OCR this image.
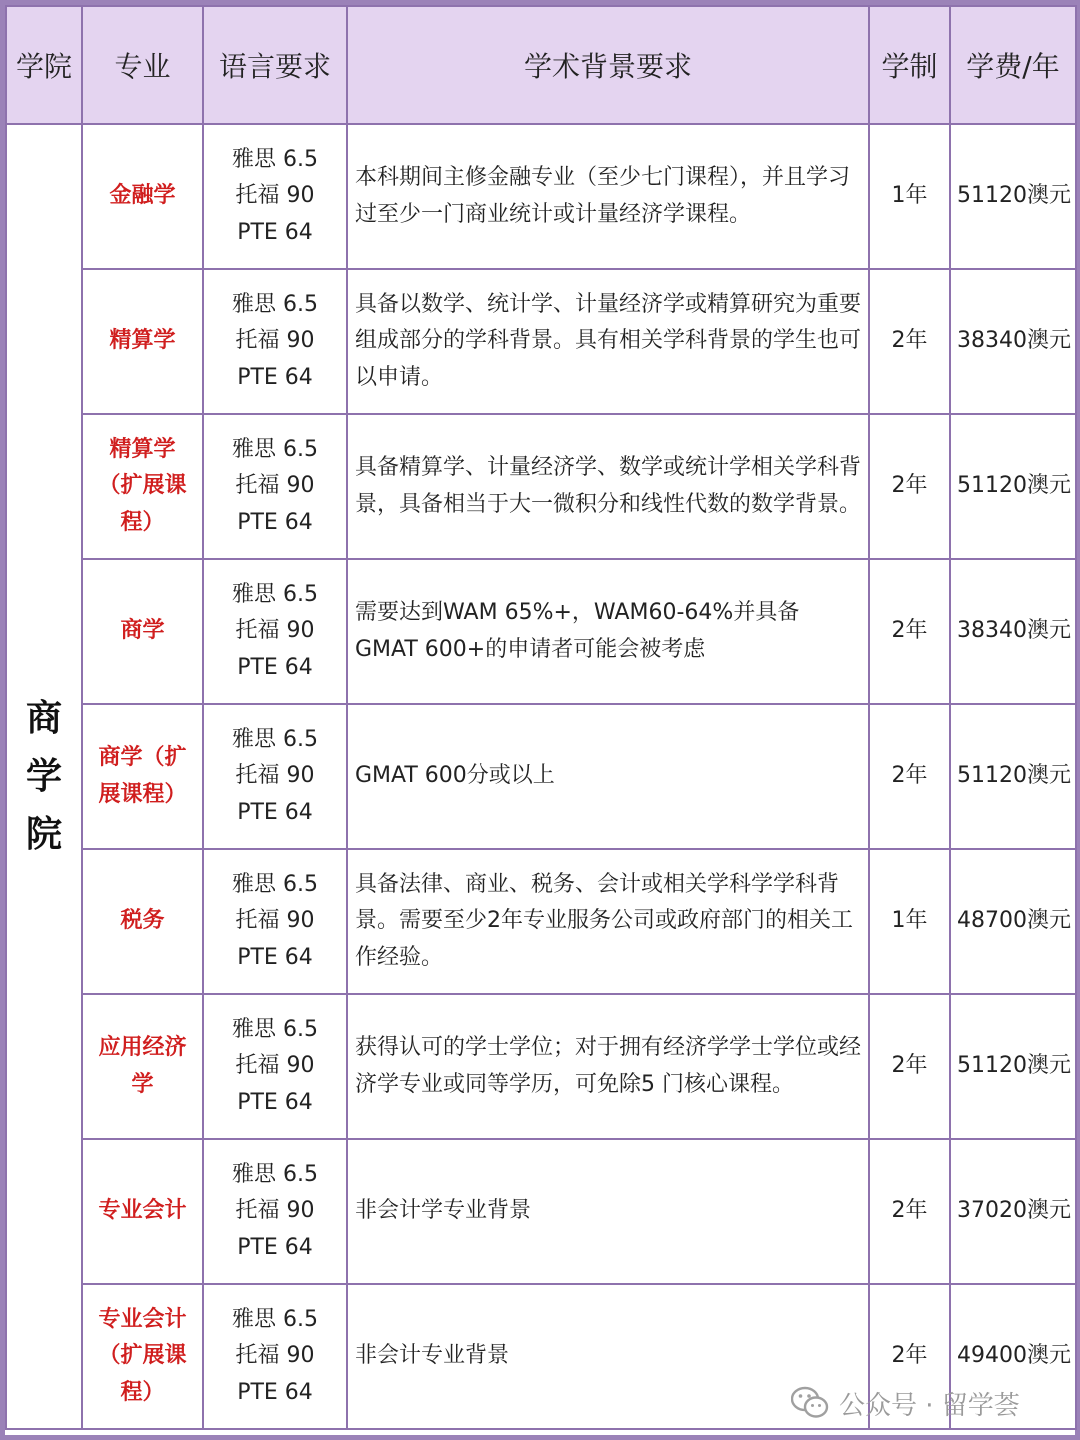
学院	专业	语言要求	学术背景要求	学制	学费/年

商学院	金融学	雅思 6.5
托福 90
PTE 64	本科期间主修金融专业（至少七门课程），并且学习过至少一门商业统计或计量经济学课程。	1年	51120澳元
	精算学	雅思 6.5
托福 90
PTE 64	具备以数学、统计学、计量经济学或精算研究为重要组成部分的学科背景。具有相关学科背景的学生也可以申请。	2年	38340澳元
	精算学（扩展课程）	雅思 6.5
托福 90
PTE 64	具备精算学、计量经济学、数学或统计学相关学科背景，具备相当于大一微积分和线性代数的数学背景。	2年	51120澳元
	商学	雅思 6.5
托福 90
PTE 64	需要达到WAM 65%+，WAM60-64%并具备GMAT 600+的申请者可能会被考虑	2年	38340澳元
	商学（扩展课程）	雅思 6.5
托福 90
PTE 64	GMAT 600分或以上	2年	51120澳元
	税务	雅思 6.5
托福 90
PTE 64	具备法律、商业、税务、会计或相关学科学学科背景。需要至少2年专业服务公司或政府部门的相关工作经验。	1年	48700澳元
	应用经济学	雅思 6.5
托福 90
PTE 64	获得认可的学士学位；对于拥有经济学学士学位或经济学专业或同等学历，可免除5 门核心课程。	2年	51120澳元
	专业会计	雅思 6.5
托福 90
PTE 64	非会计学专业背景	2年	37020澳元
	专业会计（扩展课程）	雅思 6.5
托福 90
PTE 64	非会计专业背景	2年	49400澳元
公众号 · 留学荟
